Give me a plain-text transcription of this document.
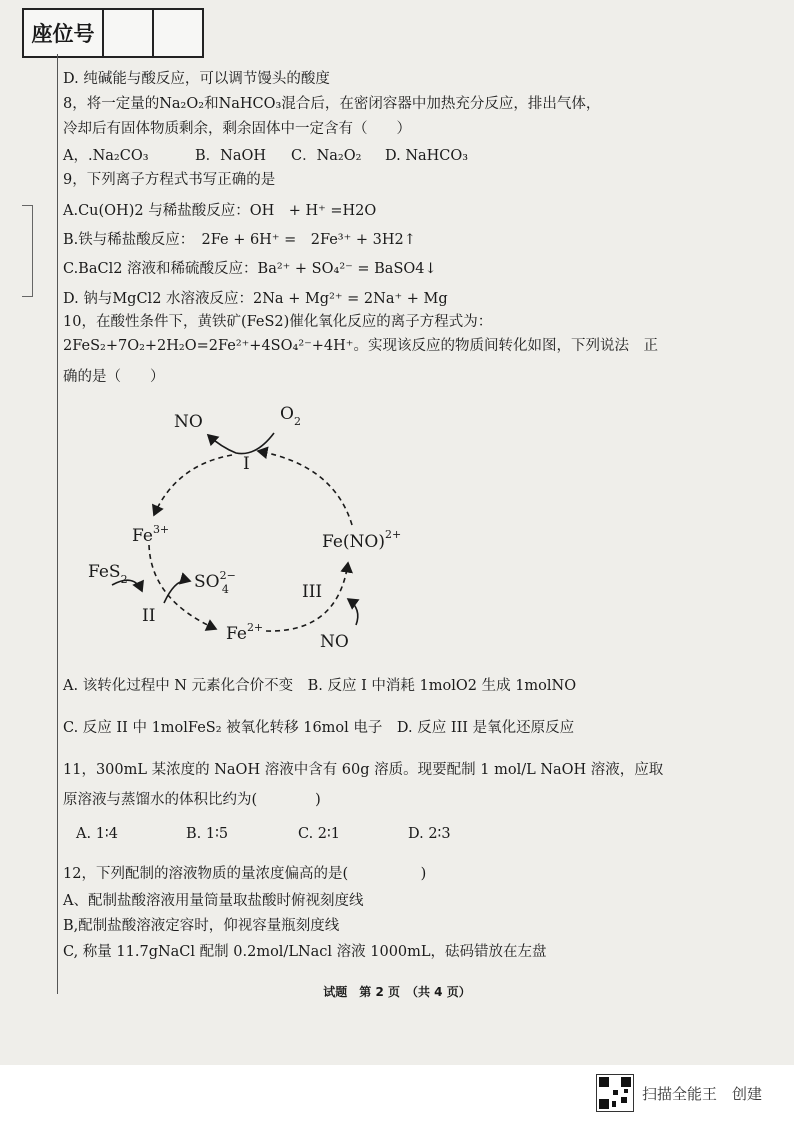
座位号
D. 纯碱能与酸反应，可以调节馒头的酸度
8，将一定量的Na₂O₂和NaHCO₃混合后，在密闭容器中加热充分反应，排出气体，
冷却后有固体物质剩余，剩余固体中一定含有（　　）
A，.Na₂CO₃	B．NaOH	C．Na₂O₂	D. NaHCO₃
9，下列离子方程式书写正确的是
A.Cu(OH)2 与稀盐酸反应：OH　+ H⁺ =H2O
B.铁与稀盐酸反应：　2Fe + 6H⁺ =　2Fe³⁺ + 3H2↑
C.BaCl2 溶液和稀硫酸反应：Ba²⁺ + SO₄²⁻ = BaSO4↓
D. 钠与MgCl2 水溶液反应：2Na + Mg²⁺ = 2Na⁺ + Mg
10，在酸性条件下，黄铁矿(FeS2)催化氧化反应的离子方程式为：
2FeS₂+7O₂+2H₂O=2Fe²⁺+4SO₄²⁻+4H⁺。实现该反应的物质间转化如图，下列说法　正
确的是（　　）
NO	$O_2$
I
$Fe^{3+}$
FeS$_2$	$SO^{2-}$ 4
II
$Fe^{2+}$
III
NO
Fe(NO)$^{2+}$
A. 该转化过程中 N 元素化合价不变　B. 反应 I 中消耗 1molO2 生成 1molNO
C. 反应 II 中 1molFeS₂ 被氧化转移 16mol 电子　D. 反应 III 是氧化还原反应
11，300mL 某浓度的 NaOH 溶液中含有 60g 溶质。现要配制 1 mol/L NaOH 溶液，应取
原溶液与蒸馏水的体积比约为(　　　　)
A. 1∶4	B. 1∶5	C. 2∶1	D. 2∶3
12，下列配制的溶液物质的量浓度偏高的是(　　　　　)
A、配制盐酸溶液用量筒量取盐酸时俯视刻度线
B,配制盐酸溶液定容时，仰视容量瓶刻度线
C, 称量 11.7gNaCl 配制 0.2mol/LNacl 溶液 1000mL，砝码错放在左盘
试题　第 2 页　（共 4 页）
扫描全能王　创建
